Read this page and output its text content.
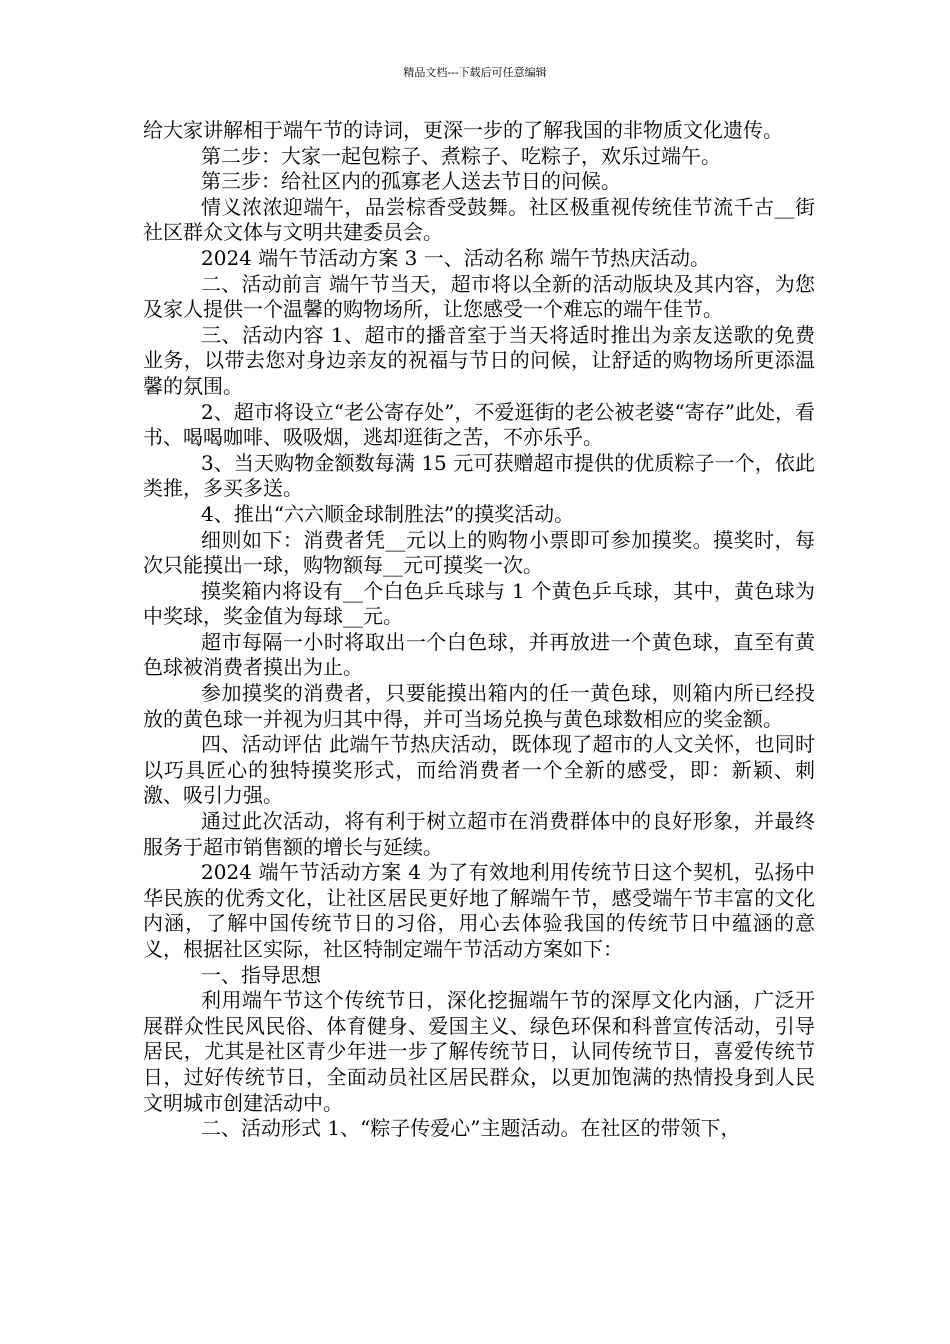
精品文档---下载后可任意编辑

给大家讲解相于端午节的诗词，更深一步的了解我国的非物质文化遗传。

第二步：大家一起包粽子、煮粽子、吃粽子，欢乐过端午。

第三步：给社区内的孤寡老人送去节日的问候。

情义浓浓迎端午，品尝棕香受鼓舞。社区极重视传统佳节流千古__街社区群众文体与文明共建委员会。

2024 端午节活动方案 3 一、活动名称 端午节热庆活动。

二、活动前言 端午节当天，超市将以全新的活动版块及其内容，为您及家人提供一个温馨的购物场所，让您感受一个难忘的端午佳节。

三、活动内容 1、超市的播音室于当天将适时推出为亲友送歌的免费业务，以带去您对身边亲友的祝福与节日的问候，让舒适的购物场所更添温馨的氛围。

2、超市将设立“老公寄存处”，不爱逛街的老公被老婆“寄存”此处，看书、喝喝咖啡、吸吸烟，逃却逛街之苦，不亦乐乎。

3、当天购物金额数每满 15 元可获赠超市提供的优质粽子一个，依此类推，多买多送。

4、推出“六六顺金球制胜法”的摸奖活动。

细则如下：消费者凭__元以上的购物小票即可参加摸奖。摸奖时，每次只能摸出一球，购物额每__元可摸奖一次。

摸奖箱内将设有__个白色乒乓球与 1 个黄色乒乓球，其中，黄色球为中奖球，奖金值为每球__元。

超市每隔一小时将取出一个白色球，并再放进一个黄色球，直至有黄色球被消费者摸出为止。

参加摸奖的消费者，只要能摸出箱内的任一黄色球，则箱内所已经投放的黄色球一并视为归其中得，并可当场兑换与黄色球数相应的奖金额。

四、活动评估 此端午节热庆活动，既体现了超市的人文关怀，也同时以巧具匠心的独特摸奖形式，而给消费者一个全新的感受，即：新颖、刺激、吸引力强。

通过此次活动，将有利于树立超市在消费群体中的良好形象，并最终服务于超市销售额的增长与延续。

2024 端午节活动方案 4 为了有效地利用传统节日这个契机，弘扬中华民族的优秀文化，让社区居民更好地了解端午节，感受端午节丰富的文化内涵，了解中国传统节日的习俗，用心去体验我国的传统节日中蕴涵的意义，根据社区实际，社区特制定端午节活动方案如下：

一、指导思想

利用端午节这个传统节日，深化挖掘端午节的深厚文化内涵，广泛开展群众性民风民俗、体育健身、爱国主义、绿色环保和科普宣传活动，引导居民，尤其是社区青少年进一步了解传统节日，认同传统节日，喜爱传统节日，过好传统节日，全面动员社区居民群众，以更加饱满的热情投身到人民文明城市创建活动中。

二、活动形式 1、“粽子传爱心”主题活动。在社区的带领下，
